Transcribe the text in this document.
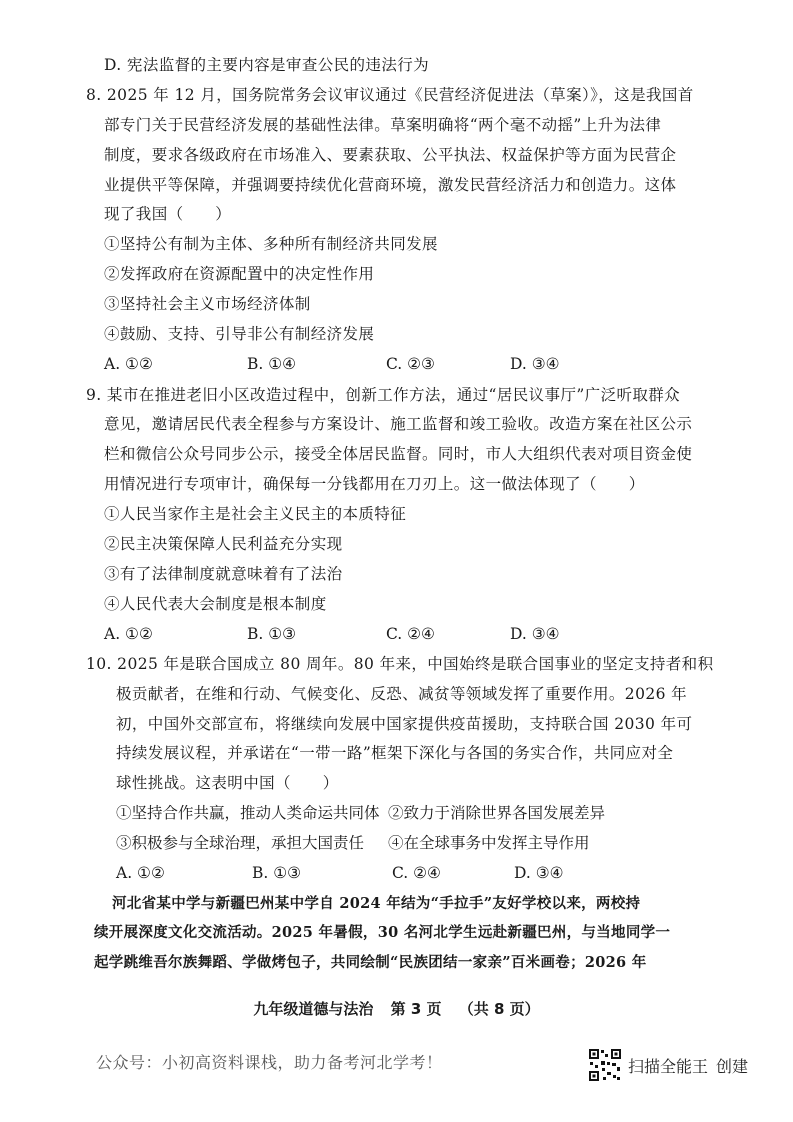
D. 宪法监督的主要内容是审查公民的违法行为
8. 2025 年 12 月，国务院常务会议审议通过《民营经济促进法（草案）》，这是我国首
部专门关于民营经济发展的基础性法律。草案明确将“两个毫不动摇”上升为法律
制度，要求各级政府在市场准入、要素获取、公平执法、权益保护等方面为民营企
业提供平等保障，并强调要持续优化营商环境，激发民营经济活力和创造力。这体
现了我国（　　）
①坚持公有制为主体、多种所有制经济共同发展
②发挥政府在资源配置中的决定性作用
③坚持社会主义市场经济体制
④鼓励、支持、引导非公有制经济发展
A. ①②	B. ①④	C. ②③	D. ③④
9. 某市在推进老旧小区改造过程中，创新工作方法，通过“居民议事厅”广泛听取群众
意见，邀请居民代表全程参与方案设计、施工监督和竣工验收。改造方案在社区公示
栏和微信公众号同步公示，接受全体居民监督。同时，市人大组织代表对项目资金使
用情况进行专项审计，确保每一分钱都用在刀刃上。这一做法体现了（　　）
①人民当家作主是社会主义民主的本质特征
②民主决策保障人民利益充分实现
③有了法律制度就意味着有了法治
④人民代表大会制度是根本制度
A. ①②	B. ①③	C. ②④	D. ③④
10. 2025 年是联合国成立 80 周年。80 年来，中国始终是联合国事业的坚定支持者和积
极贡献者，在维和行动、气候变化、反恐、减贫等领域发挥了重要作用。2026 年
初，中国外交部宣布，将继续向发展中国家提供疫苗援助，支持联合国 2030 年可
持续发展议程，并承诺在“一带一路”框架下深化与各国的务实合作，共同应对全
球性挑战。这表明中国（　　）
①坚持合作共赢，推动人类命运共同体 ②致力于消除世界各国发展差异
③积极参与全球治理，承担大国责任 ④在全球事务中发挥主导作用
A. ①②	B. ①③	C. ②④	D. ③④
河北省某中学与新疆巴州某中学自 2024 年结为“手拉手”友好学校以来，两校持
续开展深度文化交流活动。2025 年暑假，30 名河北学生远赴新疆巴州，与当地同学一
起学跳维吾尔族舞蹈、学做烤包子，共同绘制“民族团结一家亲”百米画卷；2026 年
九年级道德与法治 第 3 页 （共 8 页）
公众号：小初高资料课栈，助力备考河北学考！	扫描全能王 创建
